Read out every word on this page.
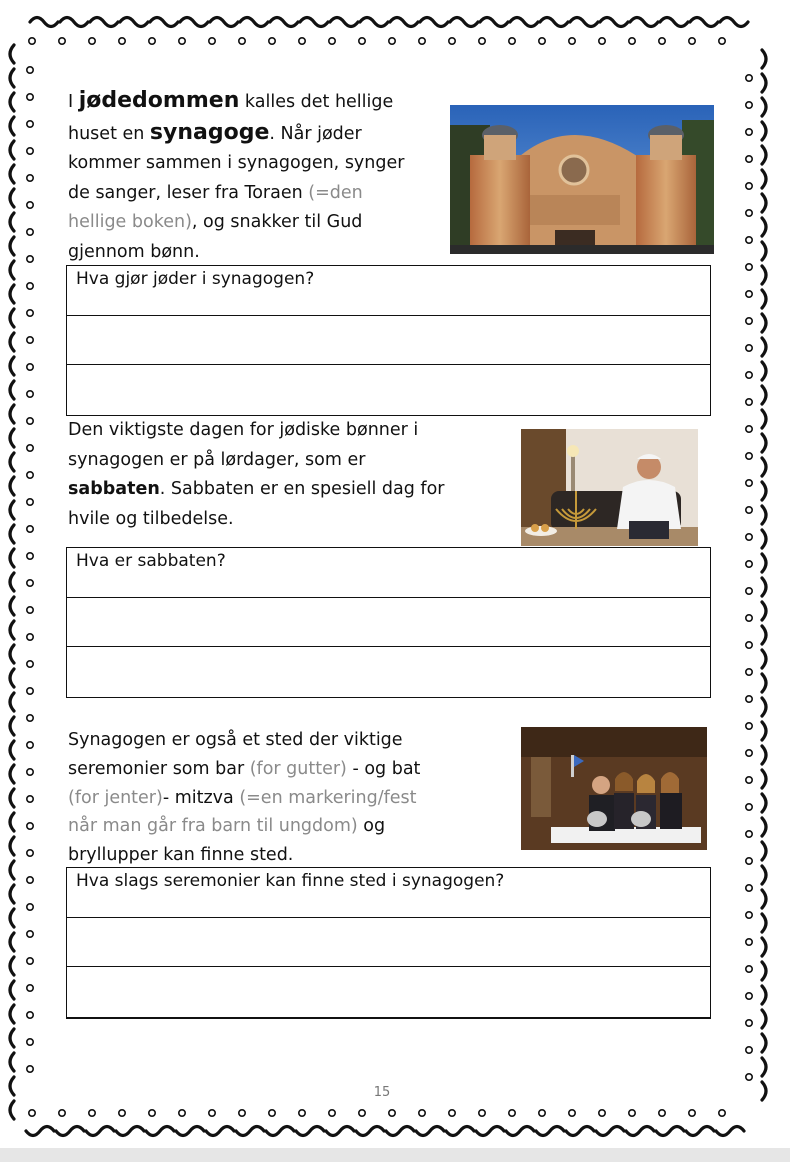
I jødedommen kalles det hellige
huset en synagoge. Når jøder
kommer sammen i synagogen, synger
de sanger, leser fra Toraen (=den
hellige boken), og snakker til Gud
gjennom bønn.

Hva gjør jøder i synagogen?

Den viktigste dagen for jødiske bønner i
synagogen er på lørdager, som er
sabbaten. Sabbaten er en spesiell dag for
hvile og tilbedelse.

Hva er sabbaten?

Synagogen er også et sted der viktige
seremonier som bar (for gutter) - og bat
(for jenter)- mitzva (=en markering/fest
når man går fra barn til ungdom) og
bryllupper kan finne sted.

Hva slags seremonier kan finne sted i synagogen?
15
